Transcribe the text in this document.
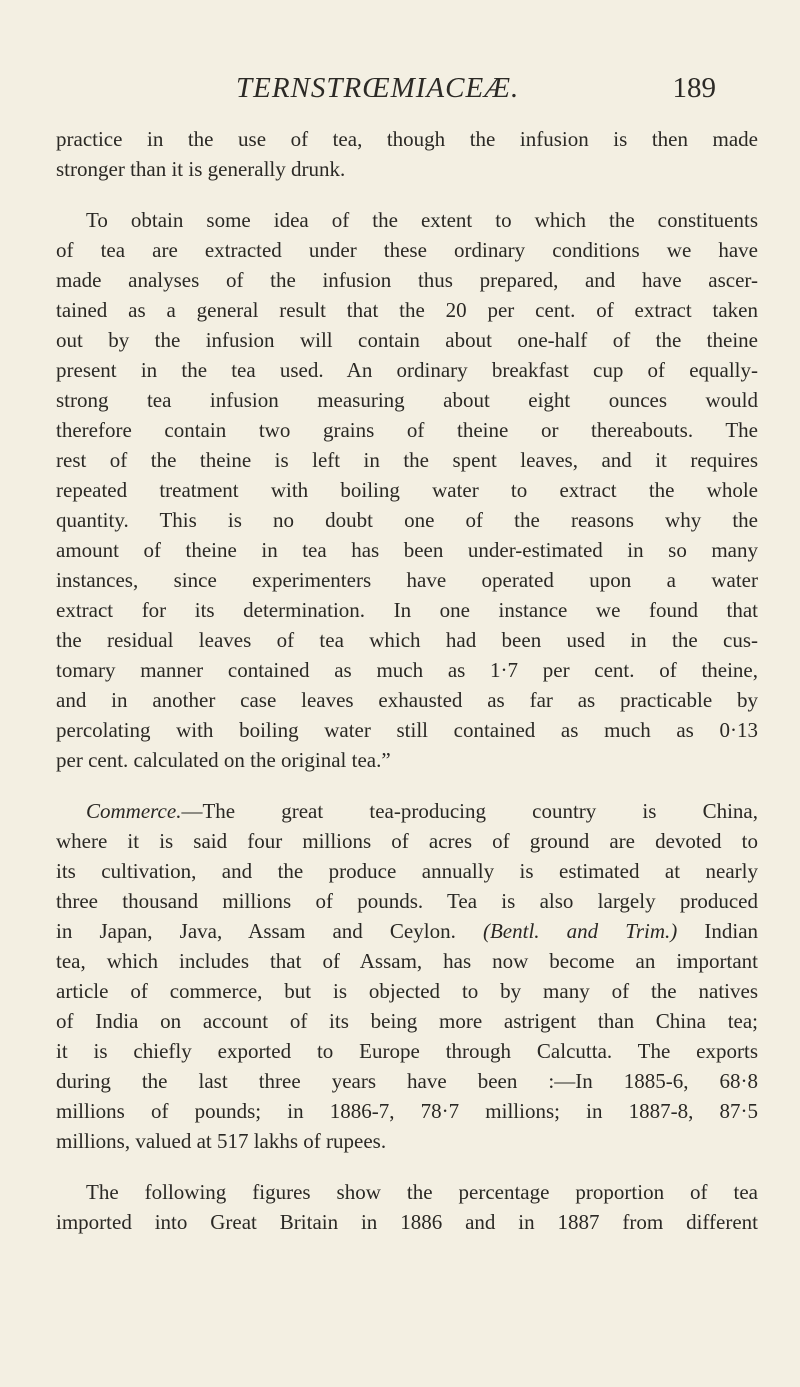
TERNSTRŒMIACEÆ.	189
practice in the use of tea, though the infusion is then made
stronger than it is generally drunk.
To obtain some idea of the extent to which the constituents
of tea are extracted under these ordinary conditions we have
made analyses of the infusion thus prepared, and have ascer-
tained as a general result that the 20 per cent. of extract taken
out by the infusion will contain about one-half of the theine
present in the tea used. An ordinary breakfast cup of equally-
strong tea infusion measuring about eight ounces would
therefore contain two grains of theine or thereabouts. The
rest of the theine is left in the spent leaves, and it requires
repeated treatment with boiling water to extract the whole
quantity. This is no doubt one of the reasons why the
amount of theine in tea has been under-estimated in so many
instances, since experimenters have operated upon a water
extract for its determination. In one instance we found that
the residual leaves of tea which had been used in the cus-
tomary manner contained as much as 1·7 per cent. of theine,
and in another case leaves exhausted as far as practicable by
percolating with boiling water still contained as much as 0·13
per cent. calculated on the original tea.”
Commerce.—The great tea-producing country is China,
where it is said four millions of acres of ground are devoted to
its cultivation, and the produce annually is estimated at nearly
three thousand millions of pounds. Tea is also largely produced
in Japan, Java, Assam and Ceylon. (Bentl. and Trim.) Indian
tea, which includes that of Assam, has now become an important
article of commerce, but is objected to by many of the natives
of India on account of its being more astrigent than China tea;
it is chiefly exported to Europe through Calcutta. The exports
during the last three years have been :—In 1885-6, 68·8
millions of pounds; in 1886-7, 78·7 millions; in 1887-8, 87·5
millions, valued at 517 lakhs of rupees.
The following figures show the percentage proportion of tea
imported into Great Britain in 1886 and in 1887 from different
